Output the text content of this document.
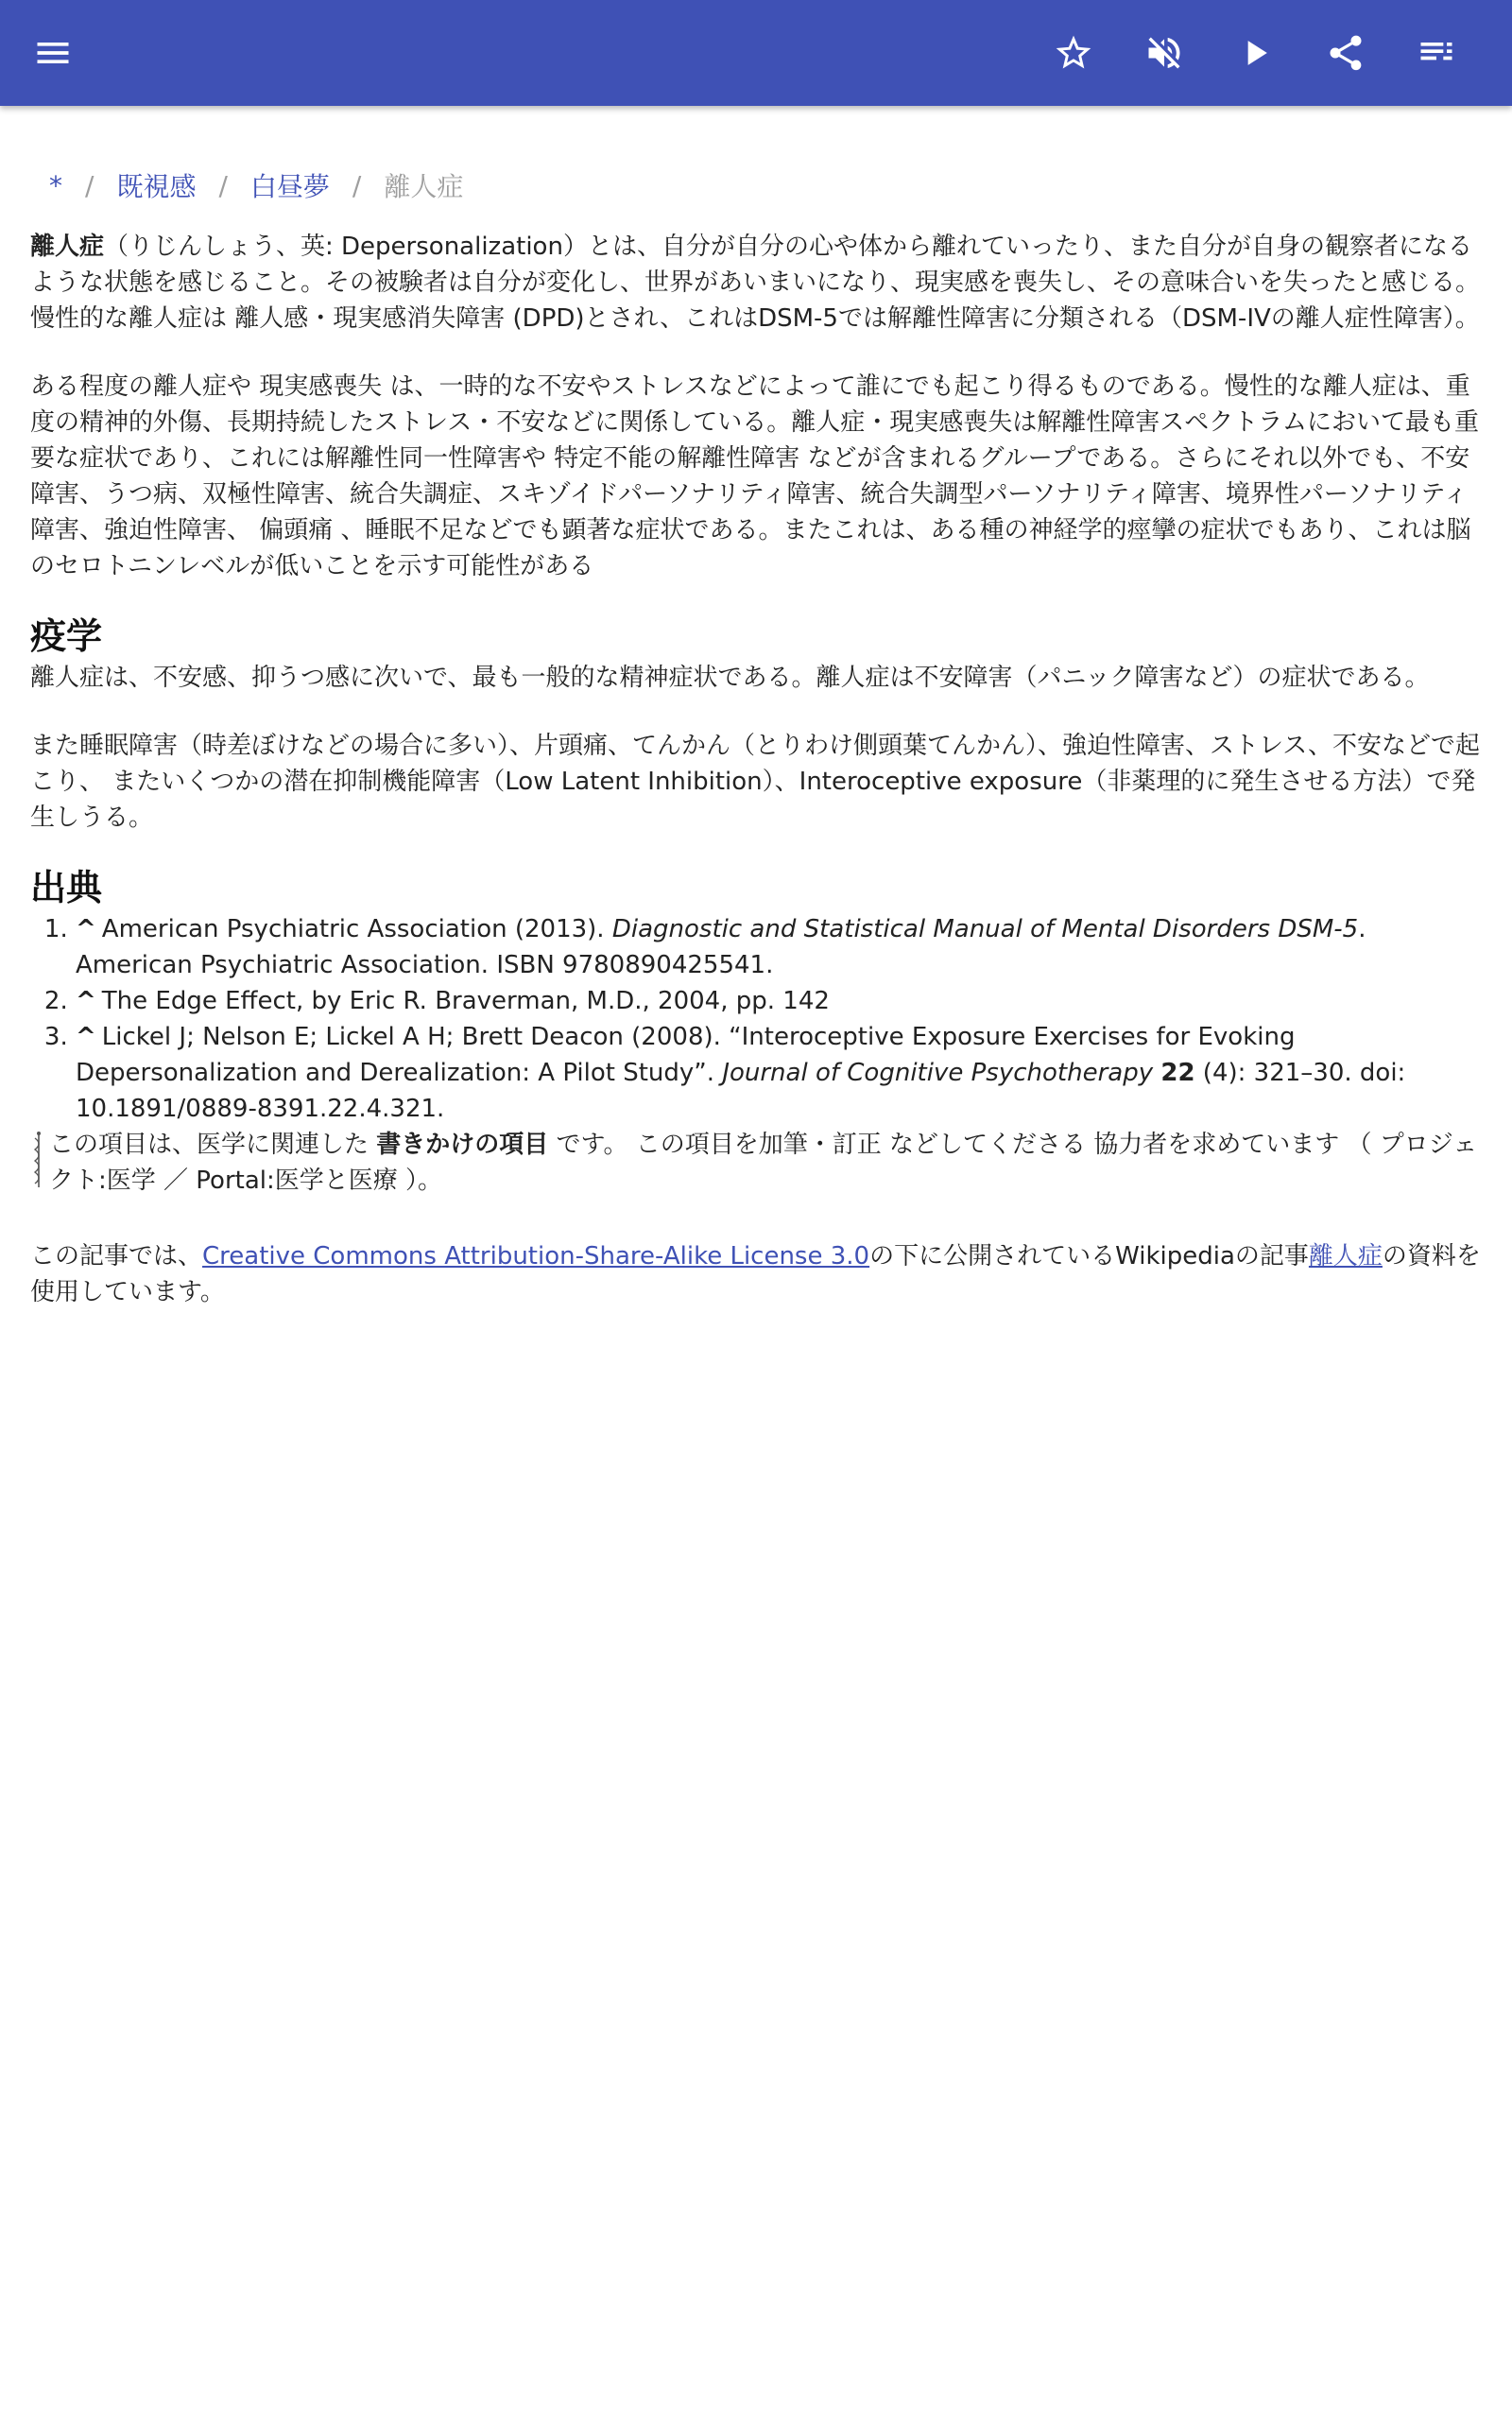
* / 既視感 / 白昼夢 / 離人症

離人症（りじんしょう、英: Depersonalization）とは、自分が自分の心や体から離れていったり、また自分が自身の観察者になるような状態を感じること。その被験者は自分が変化し、世界があいまいになり、現実感を喪失し、その意味合いを失ったと感じる。慢性的な離人症は 離人感・現実感消失障害 (DPD)とされ、これはDSM-5では解離性障害に分類される（DSM-IVの離人症性障害）。

ある程度の離人症や 現実感喪失 は、一時的な不安やストレスなどによって誰にでも起こり得るものである。慢性的な離人症は、重度の精神的外傷、長期持続したストレス・不安などに関係している。離人症・現実感喪失は解離性障害スペクトラムにおいて最も重要な症状であり、これには解離性同一性障害や 特定不能の解離性障害 などが含まれるグループである。さらにそれ以外でも、不安障害、うつ病、双極性障害、統合失調症、スキゾイドパーソナリティ障害、統合失調型パーソナリティ障害、境界性パーソナリティ障害、強迫性障害、 偏頭痛 、睡眠不足などでも顕著な症状である。またこれは、ある種の神経学的痙攣の症状でもあり、これは脳のセロトニンレベルが低いことを示す可能性がある

疫学

離人症は、不安感、抑うつ感に次いで、最も一般的な精神症状である。離人症は不安障害（パニック障害など）の症状である。

また睡眠障害（時差ぼけなどの場合に多い）、片頭痛、てんかん（とりわけ側頭葉てんかん）、強迫性障害、ストレス、不安などで起こり、 またいくつかの潜在抑制機能障害（Low Latent Inhibition）、Interoceptive exposure（非薬理的に発生させる方法）で発生しうる。

出典
1. ^ American Psychiatric Association (2013). Diagnostic and Statistical Manual of Mental Disorders DSM-5. American Psychiatric Association. ISBN 9780890425541.
2. ^ The Edge Effect, by Eric R. Braverman, M.D., 2004, pp. 142
3. ^ Lickel J; Nelson E; Lickel A H; Brett Deacon (2008). “Interoceptive Exposure Exercises for Evoking Depersonalization and Derealization: A Pilot Study”. Journal of Cognitive Psychotherapy 22 (4): 321–30. doi: 10.1891/0889-8391.22.4.321.
この項目は、医学に関連した 書きかけの項目 です。 この項目を加筆・訂正 などしてくださる 協力者を求めています （ プロジェクト:医学 ／ Portal:医学と医療 ）。
この記事では、Creative Commons Attribution-Share-Alike License 3.0の下に公開されているWikipediaの記事離人症の資料を使用しています。
